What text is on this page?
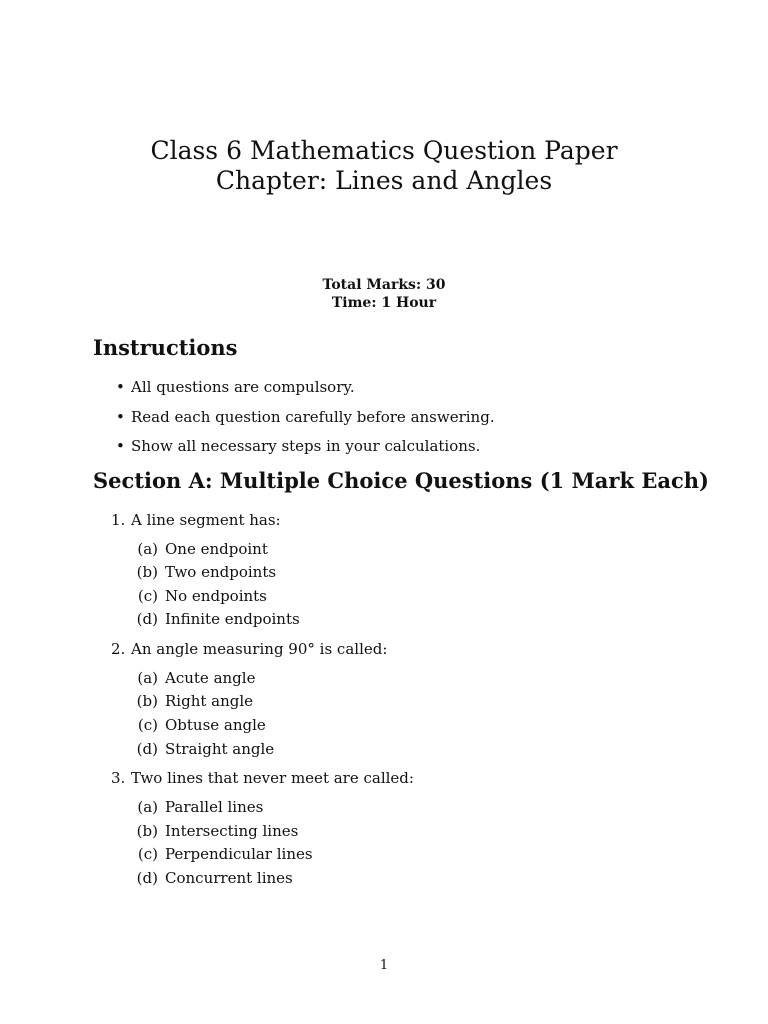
Class 6 Mathematics Question Paper
Chapter: Lines and Angles
Total Marks: 30
Time: 1 Hour
Instructions
• All questions are compulsory.
• Read each question carefully before answering.
• Show all necessary steps in your calculations.
Section A: Multiple Choice Questions (1 Mark Each)
A line segment has:
One endpoint
Two endpoints
No endpoints
Infinite endpoints
An angle measuring 90° is called:
Acute angle
Right angle
Obtuse angle
Straight angle
Two lines that never meet are called:
Parallel lines
Intersecting lines
Perpendicular lines
Concurrent lines
1
